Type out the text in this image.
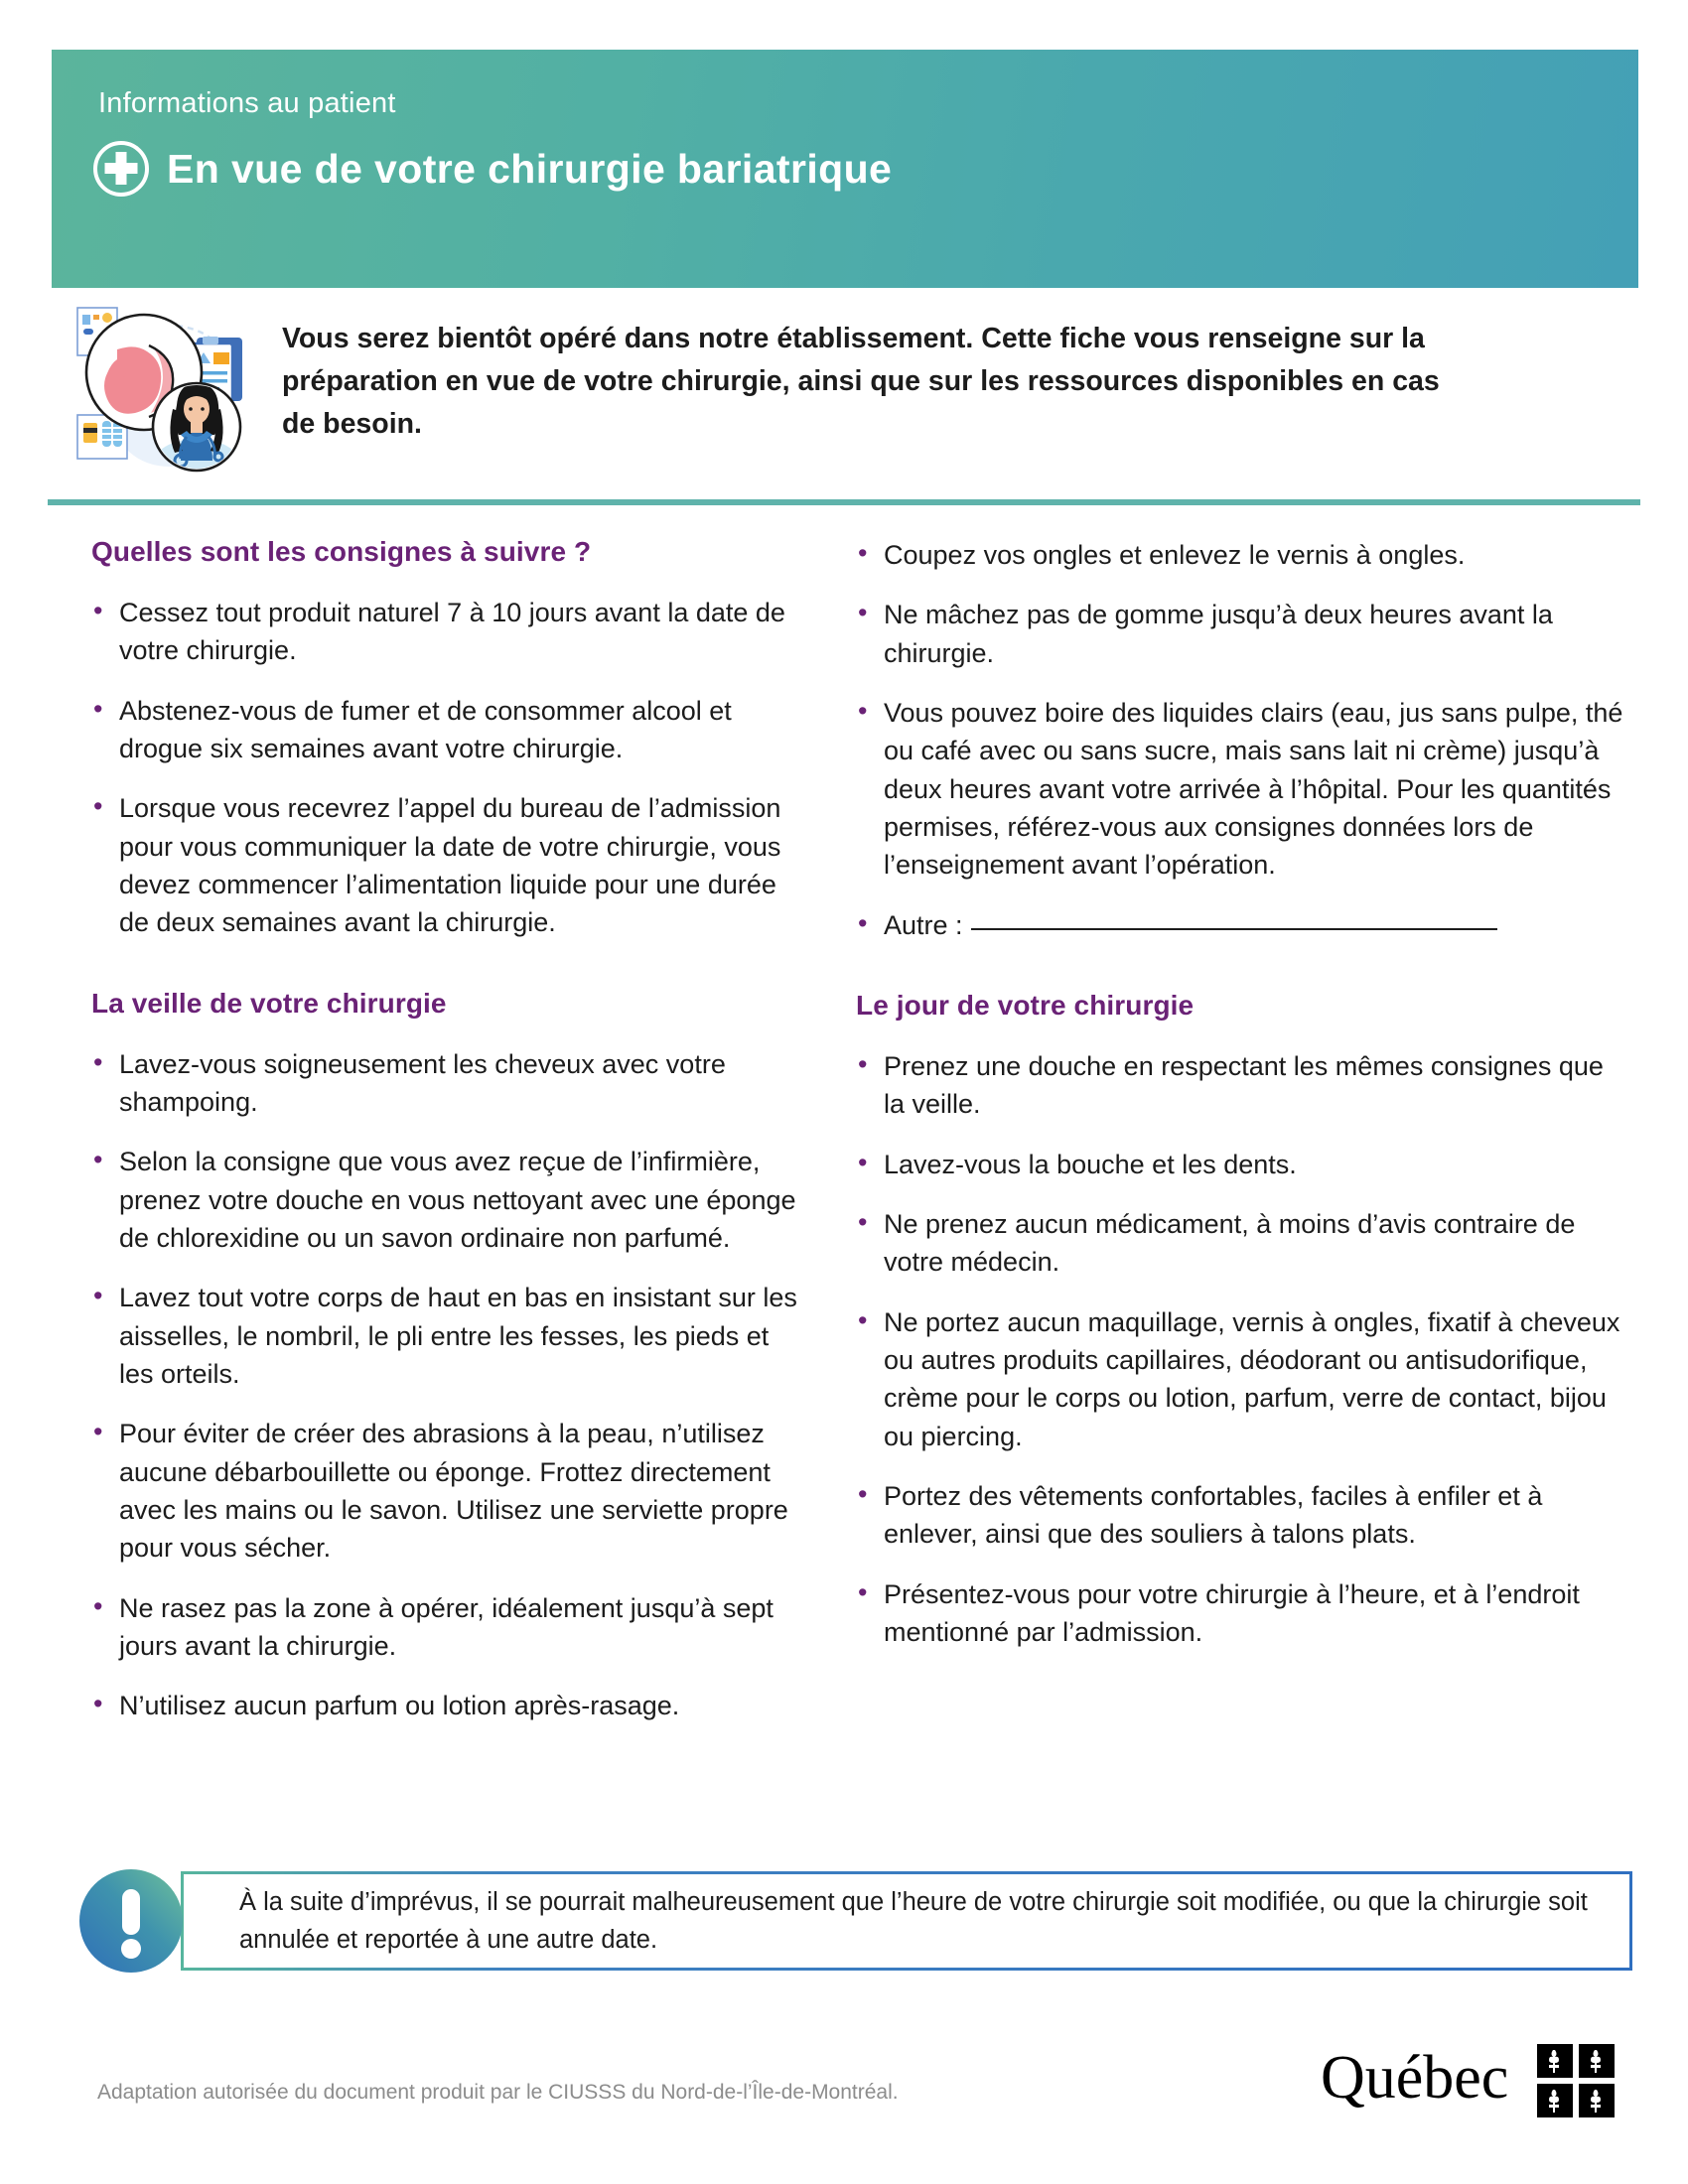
Informations au patient
En vue de votre chirurgie bariatrique
Vous serez bientôt opéré dans notre établissement. Cette fiche vous renseigne sur la préparation en vue de votre chirurgie, ainsi que sur les ressources disponibles en cas de besoin.
Quelles sont les consignes à suivre ?
• Cessez tout produit naturel 7 à 10 jours avant la date de votre chirurgie.
• Abstenez-vous de fumer et de consommer alcool et drogue six semaines avant votre chirurgie.
• Lorsque vous recevrez l’appel du bureau de l’admission pour vous communiquer la date de votre chirurgie, vous devez commencer l’alimentation liquide pour une durée de deux semaines avant la chirurgie.
La veille de votre chirurgie
• Lavez-vous soigneusement les cheveux avec votre shampoing.
• Selon la consigne que vous avez reçue de l’infirmière, prenez votre douche en vous nettoyant avec une éponge de chlorexidine ou un savon ordinaire non parfumé.
• Lavez tout votre corps de haut en bas en insistant sur les aisselles, le nombril, le pli entre les fesses, les pieds et les orteils.
• Pour éviter de créer des abrasions à la peau, n’utilisez aucune débarbouillette ou éponge. Frottez directement avec les mains ou le savon. Utilisez une serviette propre pour vous sécher.
• Ne rasez pas la zone à opérer, idéalement jusqu’à sept jours avant la chirurgie.
• N’utilisez aucun parfum ou lotion après-rasage.
• Coupez vos ongles et enlevez le vernis à ongles.
• Ne mâchez pas de gomme jusqu’à deux heures avant la chirurgie.
• Vous pouvez boire des liquides clairs (eau, jus sans pulpe, thé ou café avec ou sans sucre, mais sans lait ni crème) jusqu’à deux heures avant votre arrivée à l’hôpital. Pour les quantités permises, référez-vous aux consignes données lors de l’enseignement avant l’opération.
• Autre :
Le jour de votre chirurgie
• Prenez une douche en respectant les mêmes consignes que la veille.
• Lavez-vous la bouche et les dents.
• Ne prenez aucun médicament, à moins d’avis contraire de votre médecin.
• Ne portez aucun maquillage, vernis à ongles, fixatif à cheveux ou autres produits capillaires, déodorant ou antisudorifique, crème pour le corps ou lotion, parfum, verre de contact, bijou ou piercing.
• Portez des vêtements confortables, faciles à enfiler et à enlever, ainsi que des souliers à talons plats.
• Présentez-vous pour votre chirurgie à l’heure, et à l’endroit mentionné par l’admission.
À la suite d’imprévus, il se pourrait malheureusement que l’heure de votre chirurgie soit modifiée, ou que la chirurgie soit annulée et reportée à une autre date.
Adaptation autorisée du document produit par le CIUSSS du Nord-de-l’Île-de-Montréal.	Québec
